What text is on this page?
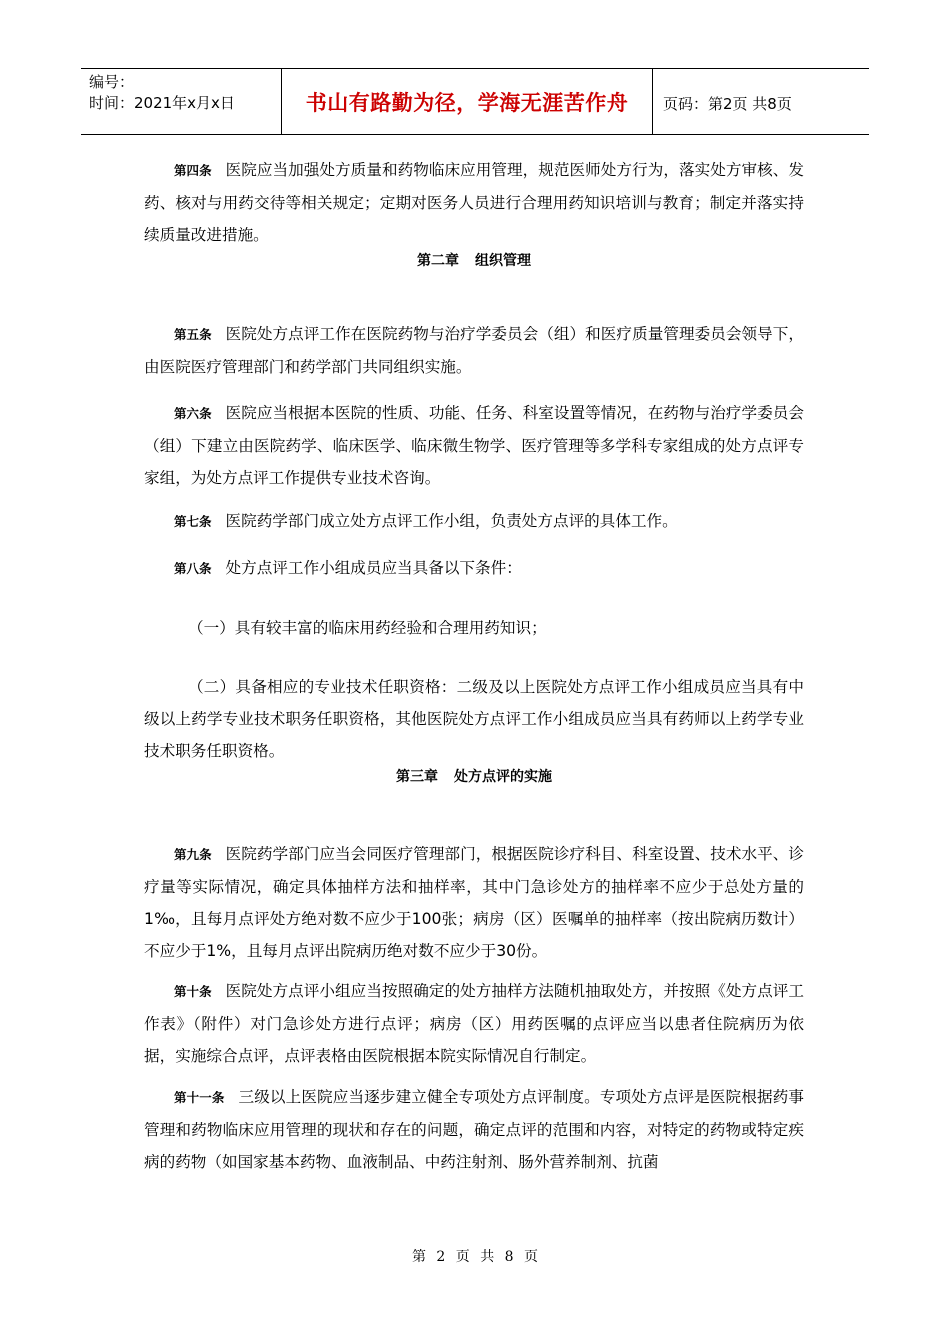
编号：
时间：2021年x月x日	书山有路勤为径，学海无涯苦作舟	页码：第2页 共8页

第四条 医院应当加强处方质量和药物临床应用管理，规范医师处方行为，落实处方审核、发药、核对与用药交待等相关规定；定期对医务人员进行合理用药知识培训与教育；制定并落实持续质量改进措施。

第二章 组织管理

第五条 医院处方点评工作在医院药物与治疗学委员会（组）和医疗质量管理委员会领导下，由医院医疗管理部门和药学部门共同组织实施。

第六条 医院应当根据本医院的性质、功能、任务、科室设置等情况，在药物与治疗学委员会（组）下建立由医院药学、临床医学、临床微生物学、医疗管理等多学科专家组成的处方点评专家组，为处方点评工作提供专业技术咨询。

第七条 医院药学部门成立处方点评工作小组，负责处方点评的具体工作。

第八条 处方点评工作小组成员应当具备以下条件：

（一）具有较丰富的临床用药经验和合理用药知识；

（二）具备相应的专业技术任职资格：二级及以上医院处方点评工作小组成员应当具有中级以上药学专业技术职务任职资格，其他医院处方点评工作小组成员应当具有药师以上药学专业技术职务任职资格。

第三章 处方点评的实施

第九条 医院药学部门应当会同医疗管理部门，根据医院诊疗科目、科室设置、技术水平、诊疗量等实际情况，确定具体抽样方法和抽样率，其中门急诊处方的抽样率不应少于总处方量的1‰，且每月点评处方绝对数不应少于100张；病房（区）医嘱单的抽样率（按出院病历数计）不应少于1%，且每月点评出院病历绝对数不应少于30份。

第十条 医院处方点评小组应当按照确定的处方抽样方法随机抽取处方，并按照《处方点评工作表》（附件）对门急诊处方进行点评；病房（区）用药医嘱的点评应当以患者住院病历为依据，实施综合点评，点评表格由医院根据本院实际情况自行制定。

第十一条 三级以上医院应当逐步建立健全专项处方点评制度。专项处方点评是医院根据药事管理和药物临床应用管理的现状和存在的问题，确定点评的范围和内容，对特定的药物或特定疾病的药物（如国家基本药物、血液制品、中药注射剂、肠外营养制剂、抗菌

第 2 页 共 8 页
